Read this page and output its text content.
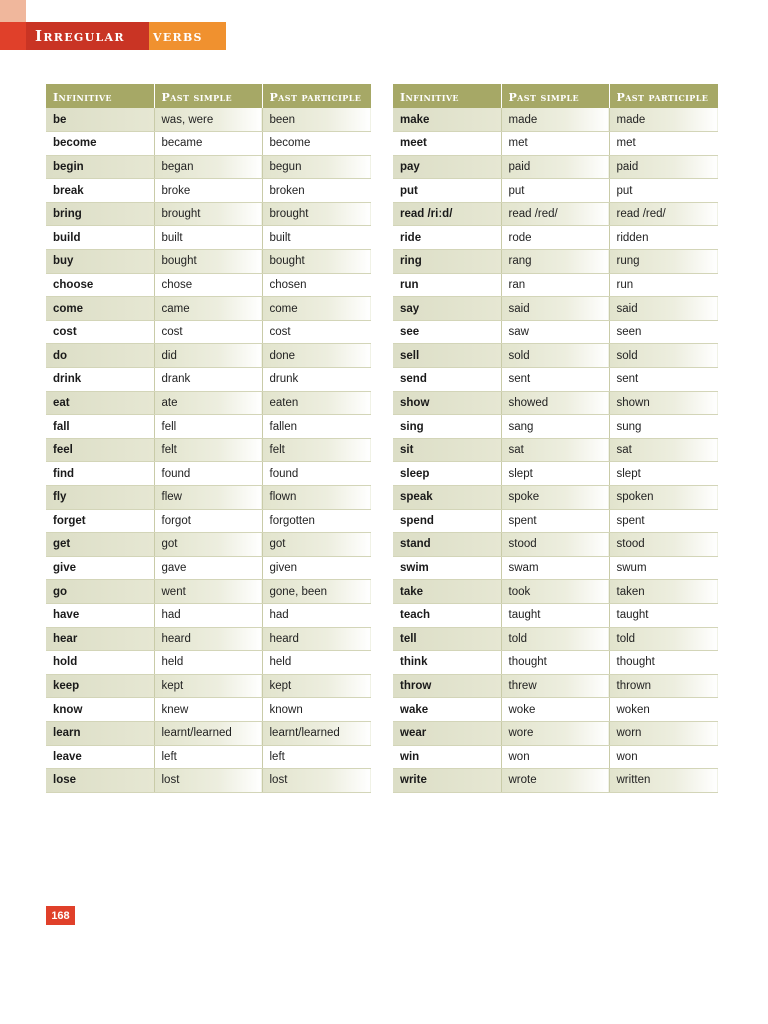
Irregular verbs
Infinitive	Past simple	Past participle
be	was, were	been
become	became	become
begin	began	begun
break	broke	broken
bring	brought	brought
build	built	built
buy	bought	bought
choose	chose	chosen
come	came	come
cost	cost	cost
do	did	done
drink	drank	drunk
eat	ate	eaten
fall	fell	fallen
feel	felt	felt
find	found	found
fly	flew	flown
forget	forgot	forgotten
get	got	got
give	gave	given
go	went	gone, been
have	had	had
hear	heard	heard
hold	held	held
keep	kept	kept
know	knew	known
learn	learnt/learned	learnt/learned
leave	left	left
lose	lost	lost
Infinitive	Past simple	Past participle
make	made	made
meet	met	met
pay	paid	paid
put	put	put
read /riːd/	read /red/	read /red/
ride	rode	ridden
ring	rang	rung
run	ran	run
say	said	said
see	saw	seen
sell	sold	sold
send	sent	sent
show	showed	shown
sing	sang	sung
sit	sat	sat
sleep	slept	slept
speak	spoke	spoken
spend	spent	spent
stand	stood	stood
swim	swam	swum
take	took	taken
teach	taught	taught
tell	told	told
think	thought	thought
throw	threw	thrown
wake	woke	woken
wear	wore	worn
win	won	won
write	wrote	written
168
